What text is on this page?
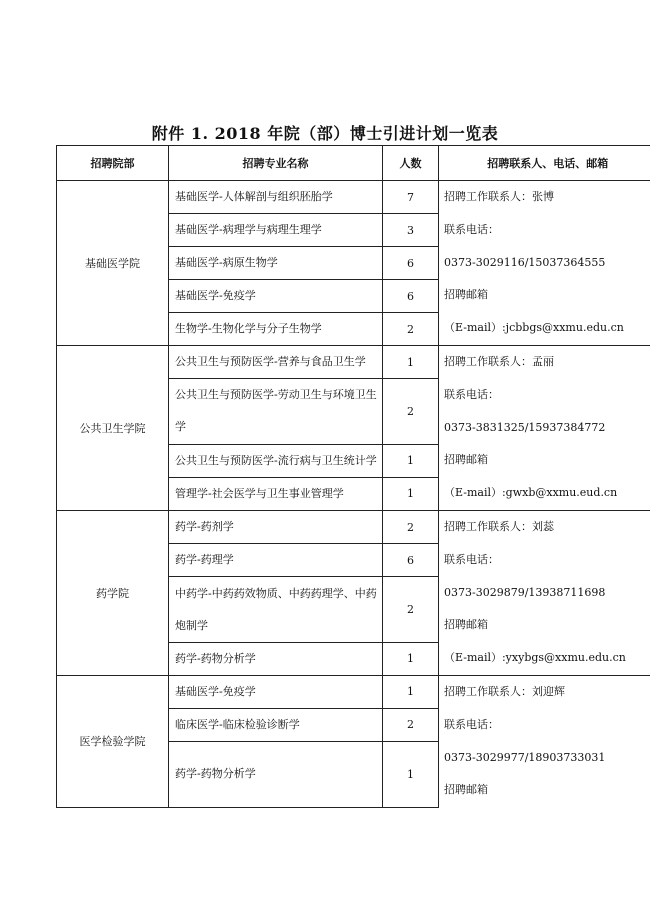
附件 1. 2018 年院（部）博士引进计划一览表
招聘院部	招聘专业名称	人数	招聘联系人、电话、邮箱
基础医学院	基础医学-人体解剖与组织胚胎学	7	招聘工作联系人：张博
联系电话：
0373-3029116/15037364555
招聘邮箱
（E-mail）:jcbbgs@xxmu.edu.cn

	基础医学-病理学与病理生理学	3	
	基础医学-病原生物学	6	
	基础医学-免疫学	6	
	生物学-生物化学与分子生物学	2	
公共卫生学院	公共卫生与预防医学-营养与食品卫生学	1	招聘工作联系人：孟丽
联系电话：
0373-3831325/15937384772
招聘邮箱
（E-mail）:gwxb@xxmu.eud.cn

	公共卫生与预防医学-劳动卫生与环境卫生
学	2	
	公共卫生与预防医学-流行病与卫生统计学	1	
	管理学-社会医学与卫生事业管理学	1	
药学院	药学-药剂学	2	招聘工作联系人：刘蕊
联系电话：
0373-3029879/13938711698
招聘邮箱
（E-mail）:yxybgs@xxmu.edu.cn

	药学-药理学	6	

	中药学-中药药效物质、中药药理学、中药
炮制学	2	
	药学-药物分析学	1	
医学检验学院	基础医学-免疫学	1	招聘工作联系人：刘迎辉
联系电话：
0373-3029977/18903733031
招聘邮箱

	临床医学-临床检验诊断学	2	
	药学-药物分析学	1	
